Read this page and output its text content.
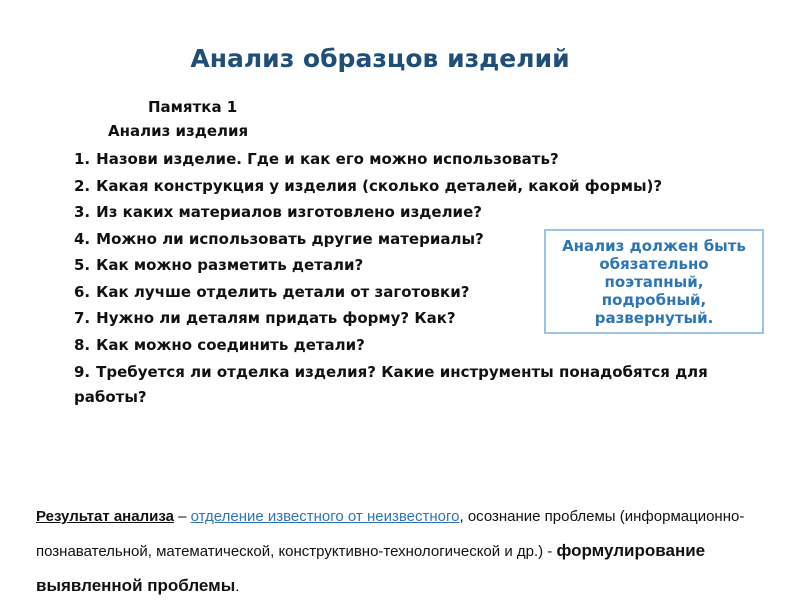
Анализ образцов изделий
Памятка 1
Анализ изделия
1. Назови изделие. Где и как его можно использовать?
2. Какая конструкция у изделия (сколько деталей, какой формы)?
3. Из каких материалов изготовлено изделие?
4. Можно ли использовать другие материалы?
5. Как можно разметить детали?
6. Как лучше отделить детали от заготовки?
7. Нужно ли деталям придать форму? Как?
8. Как можно соединить детали?
9. Требуется ли отделка изделия? Какие инструменты понадобятся для работы?
Анализ должен быть обязательно поэтапный, подробный, развернутый.
Результат анализа – отделение известного от неизвестного, осознание проблемы (информационно-познавательной, математической, конструктивно-технологической и др.) - формулирование выявленной проблемы.
